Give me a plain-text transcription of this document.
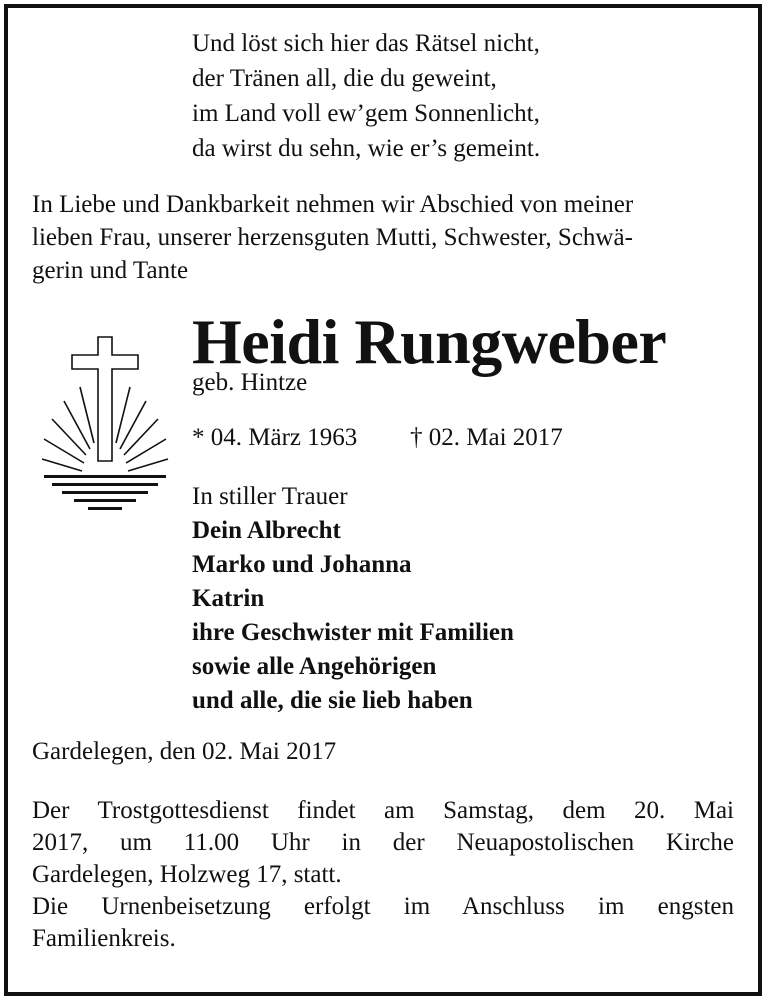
Und löst sich hier das Rätsel nicht,
der Tränen all, die du geweint,
im Land voll ew’gem Sonnenlicht,
da wirst du sehn, wie er’s gemeint.
In Liebe und Dankbarkeit nehmen wir Abschied von meiner
lieben Frau, unserer herzensguten Mutti, Schwester, Schwä-
gerin und Tante
Heidi Rungweber
geb. Hintze
* 04. März 1963 † 02. Mai 2017
In stiller Trauer
Dein Albrecht
Marko und Johanna
Katrin
ihre Geschwister mit Familien
sowie alle Angehörigen
und alle, die sie lieb haben
Gardelegen, den 02. Mai 2017
Der Trostgottesdienst findet am Samstag, dem 20. Mai
2017, um 11.00 Uhr in der Neuapostolischen Kirche
Gardelegen, Holzweg 17, statt.
Die Urnenbeisetzung erfolgt im Anschluss im engsten
Familienkreis.
